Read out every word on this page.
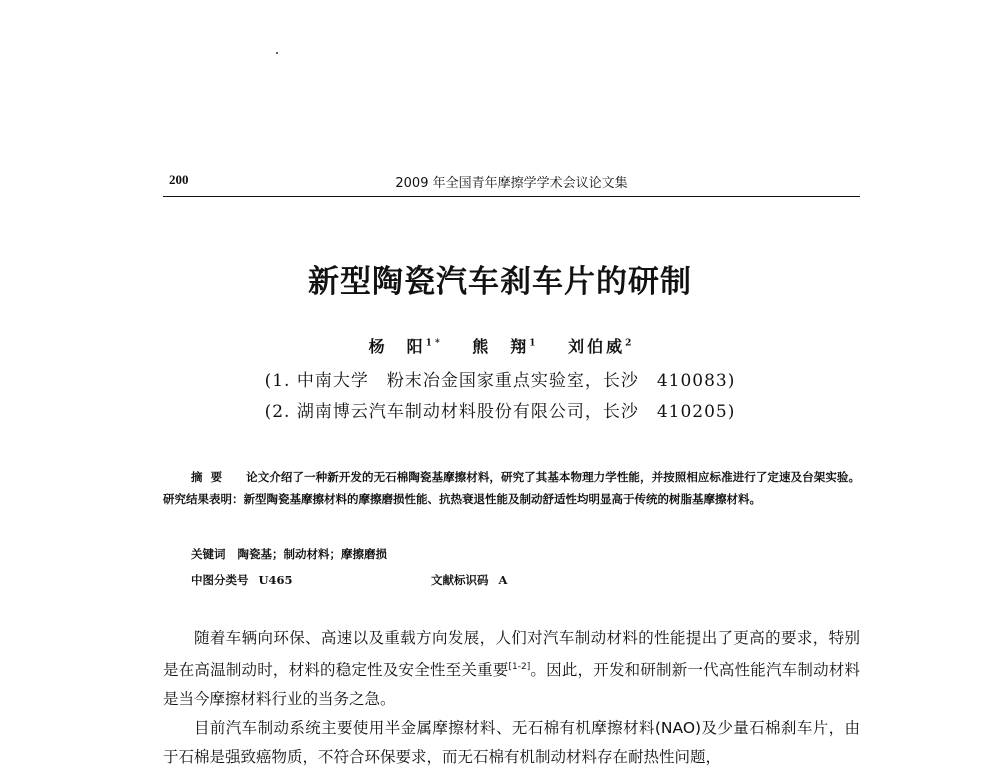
200	2009 年全国青年摩擦学学术会议论文集
新型陶瓷汽车刹车片的研制
杨　阳$^{1 *}$ 熊　翔$^1$ 刘伯威$^2$
(1. 中南大学　粉末冶金国家重点实验室，长沙　410083)
(2. 湖南博云汽车制动材料股份有限公司，长沙　410205)
摘要 论文介绍了一种新开发的无石棉陶瓷基摩擦材料，研究了其基本物理力学性能，并按照相应标准进行了定速及台架实验。研究结果表明：新型陶瓷基摩擦材料的摩擦磨损性能、抗热衰退性能及制动舒适性均明显高于传统的树脂基摩擦材料。
关键词 陶瓷基；制动材料；摩擦磨损
中图分类号 U465	文献标识码 A

随着车辆向环保、高速以及重载方向发展，人们对汽车制动材料的性能提出了更高的要求，特别是在高温制动时，材料的稳定性及安全性至关重要[1-2]。因此，开发和研制新一代高性能汽车制动材料是当今摩擦材料行业的当务之急。

目前汽车制动系统主要使用半金属摩擦材料、无石棉有机摩擦材料(NAO)及少量石棉刹车片，由于石棉是强致癌物质，不符合环保要求，而无石棉有机制动材料存在耐热性问题，
